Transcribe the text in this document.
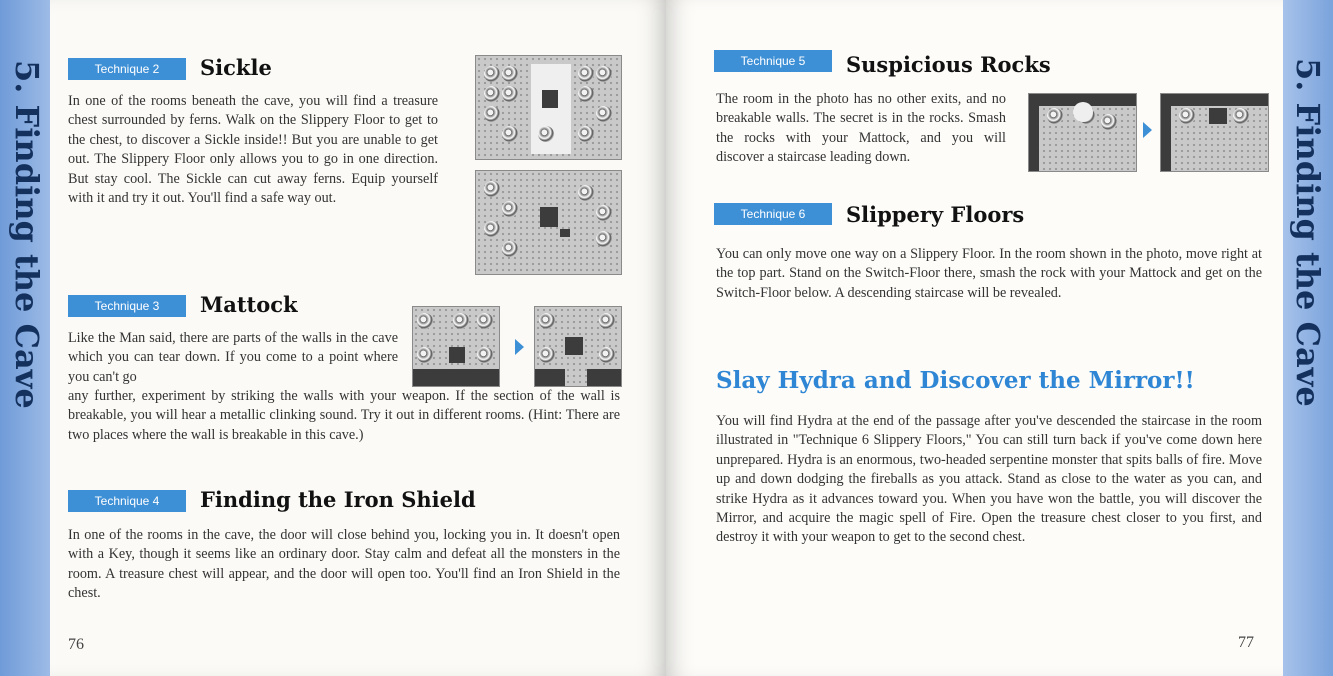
5. Finding the Cave	Technique 2	Sickle

In one of the rooms beneath the cave, you will find a treasure chest surrounded by ferns. Walk on the Slippery Floor to get to the chest, to discover a Sickle inside!! But you are unable to get out. The Slippery Floor only allows you to go in one direction. But stay cool. The Sickle can cut away ferns. Equip yourself with it and try it out. You'll find a safe way out.

Technique 3	Mattock

Like the Man said, there are parts of the walls in the cave which you can tear down. If you come to a point where you can't go

any further, experiment by striking the walls with your weapon. If the section of the wall is breakable, you will hear a metallic clinking sound. Try it out in different rooms. (Hint: There are two places where the wall is breakable in this cave.)

Technique 4	Finding the Iron Shield

In one of the rooms in the cave, the door will close behind you, locking you in. It doesn't open with a Key, though it seems like an ordinary door. Stay calm and defeat all the monsters in the room. A treasure chest will appear, and the door will open too. You'll find an Iron Shield in the chest.

76
Technique 5	Suspicious Rocks

The room in the photo has no other exits, and no breakable walls. The secret is in the rocks. Smash the rocks with your Mattock, and you will discover a staircase leading down.

Technique 6	Slippery Floors

You can only move one way on a Slippery Floor. In the room shown in the photo, move right at the top part. Stand on the Switch-Floor there, smash the rock with your Mattock and get on the Switch-Floor below. A descending staircase will be revealed.

Slay Hydra and Discover the Mirror!!

You will find Hydra at the end of the passage after you've descended the staircase in the room illustrated in "Technique 6 Slippery Floors," You can still turn back if you've come down here unprepared. Hydra is an enormous, two-headed serpentine monster that spits balls of fire. Move up and down dodging the fireballs as you attack. Stand as close to the water as you can, and strike Hydra as it advances toward you. When you have won the battle, you will discover the Mirror, and acquire the magic spell of Fire. Open the treasure chest closer to you first, and destroy it with your weapon to get to the second chest.

77
5. Finding the Cave
